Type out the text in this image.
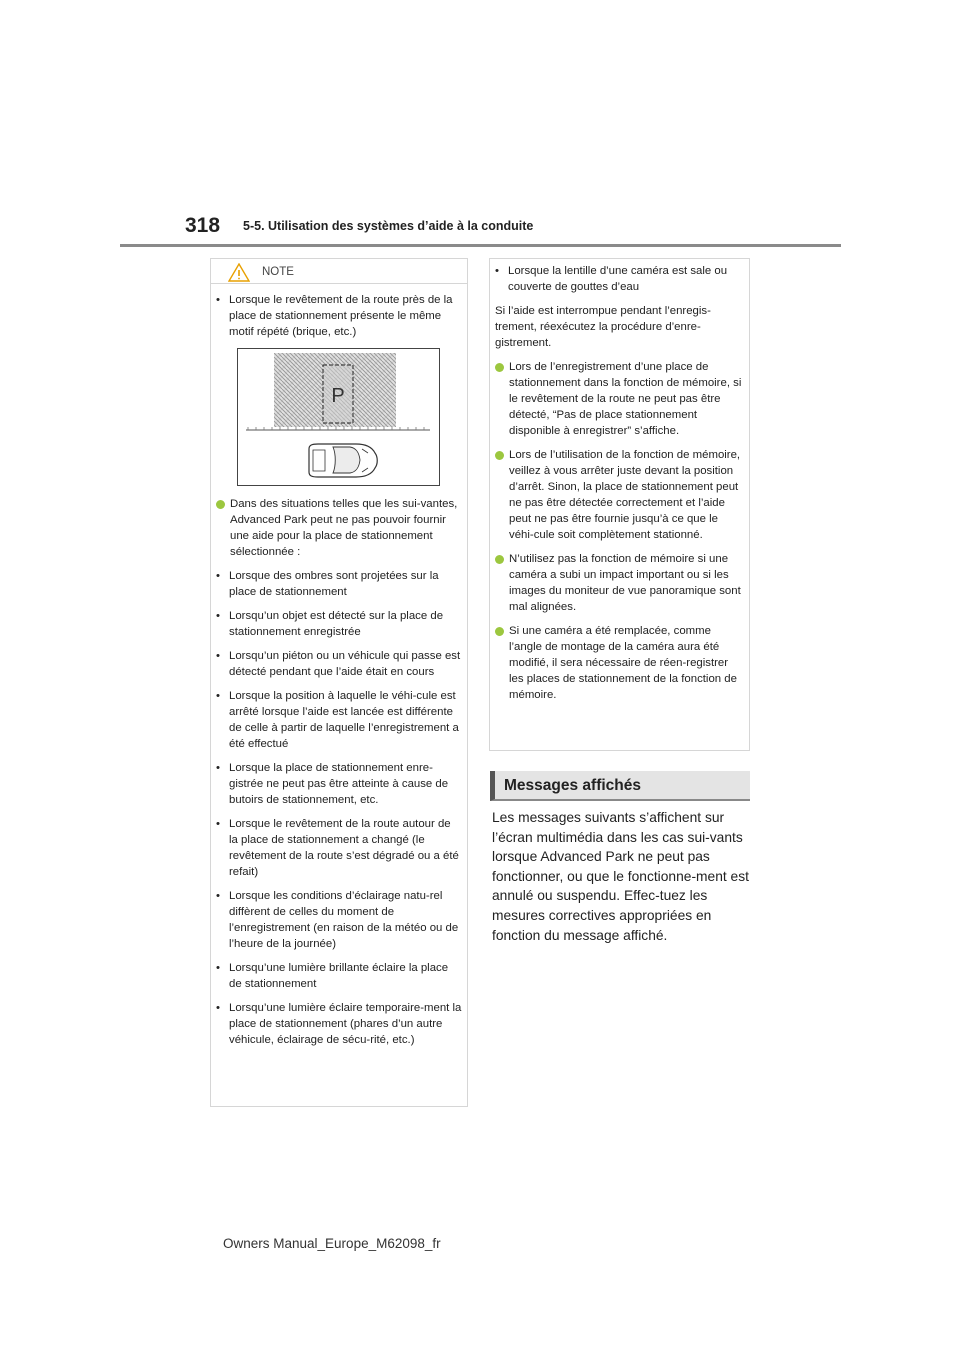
318 5-5. Utilisation des systèmes d’aide à la conduite
NOTE

• Lorsque le revêtement de la route près de la place de stationnement présente le même motif répété (brique, etc.)

P

Dans des situations telles que les sui-vantes, Advanced Park peut ne pas pouvoir fournir une aide pour la place de stationnement sélectionnée :

• Lorsque des ombres sont projetées sur la place de stationnement

• Lorsqu’un objet est détecté sur la place de stationnement enregistrée

• Lorsqu’un piéton ou un véhicule qui passe est détecté pendant que l’aide était en cours

• Lorsque la position à laquelle le véhi-cule est arrêté lorsque l’aide est lancée est différente de celle à partir de laquelle l’enregistrement a été effectué

• Lorsque la place de stationnement enre-gistrée ne peut pas être atteinte à cause de butoirs de stationnement, etc.

• Lorsque le revêtement de la route autour de la place de stationnement a changé (le revêtement de la route s’est dégradé ou a été refait)

• Lorsque les conditions d’éclairage natu-rel diffèrent de celles du moment de l’enregistrement (en raison de la météo ou de l’heure de la journée)

• Lorsqu’une lumière brillante éclaire la place de stationnement

• Lorsqu’une lumière éclaire temporaire-ment la place de stationnement (phares d’un autre véhicule, éclairage de sécu-rité, etc.)

• Lorsque la lentille d’une caméra est sale ou couverte de gouttes d’eau

Si l’aide est interrompue pendant l’enregis-trement, réexécutez la procédure d’enre-gistrement.

Lors de l’enregistrement d’une place de stationnement dans la fonction de mémoire, si le revêtement de la route ne peut pas être détecté, “Pas de place stationnement disponible à enregistrer” s’affiche.

Lors de l’utilisation de la fonction de mémoire, veillez à vous arrêter juste devant la position d’arrêt. Sinon, la place de stationnement peut ne pas être détectée correctement et l’aide peut ne pas être fournie jusqu’à ce que le véhi-cule soit complètement stationné.

N’utilisez pas la fonction de mémoire si une caméra a subi un impact important ou si les images du moniteur de vue panoramique sont mal alignées.

Si une caméra a été remplacée, comme l’angle de montage de la caméra aura été modifié, il sera nécessaire de réen-registrer les places de stationnement de la fonction de mémoire.

Messages affichés

Les messages suivants s’affichent sur l’écran multimédia dans les cas sui-vants lorsque Advanced Park ne peut pas fonctionner, ou que le fonctionne-ment est annulé ou suspendu. Effec-tuez les mesures correctives appropriées en fonction du message affiché.

Owners Manual_Europe_M62098_fr
